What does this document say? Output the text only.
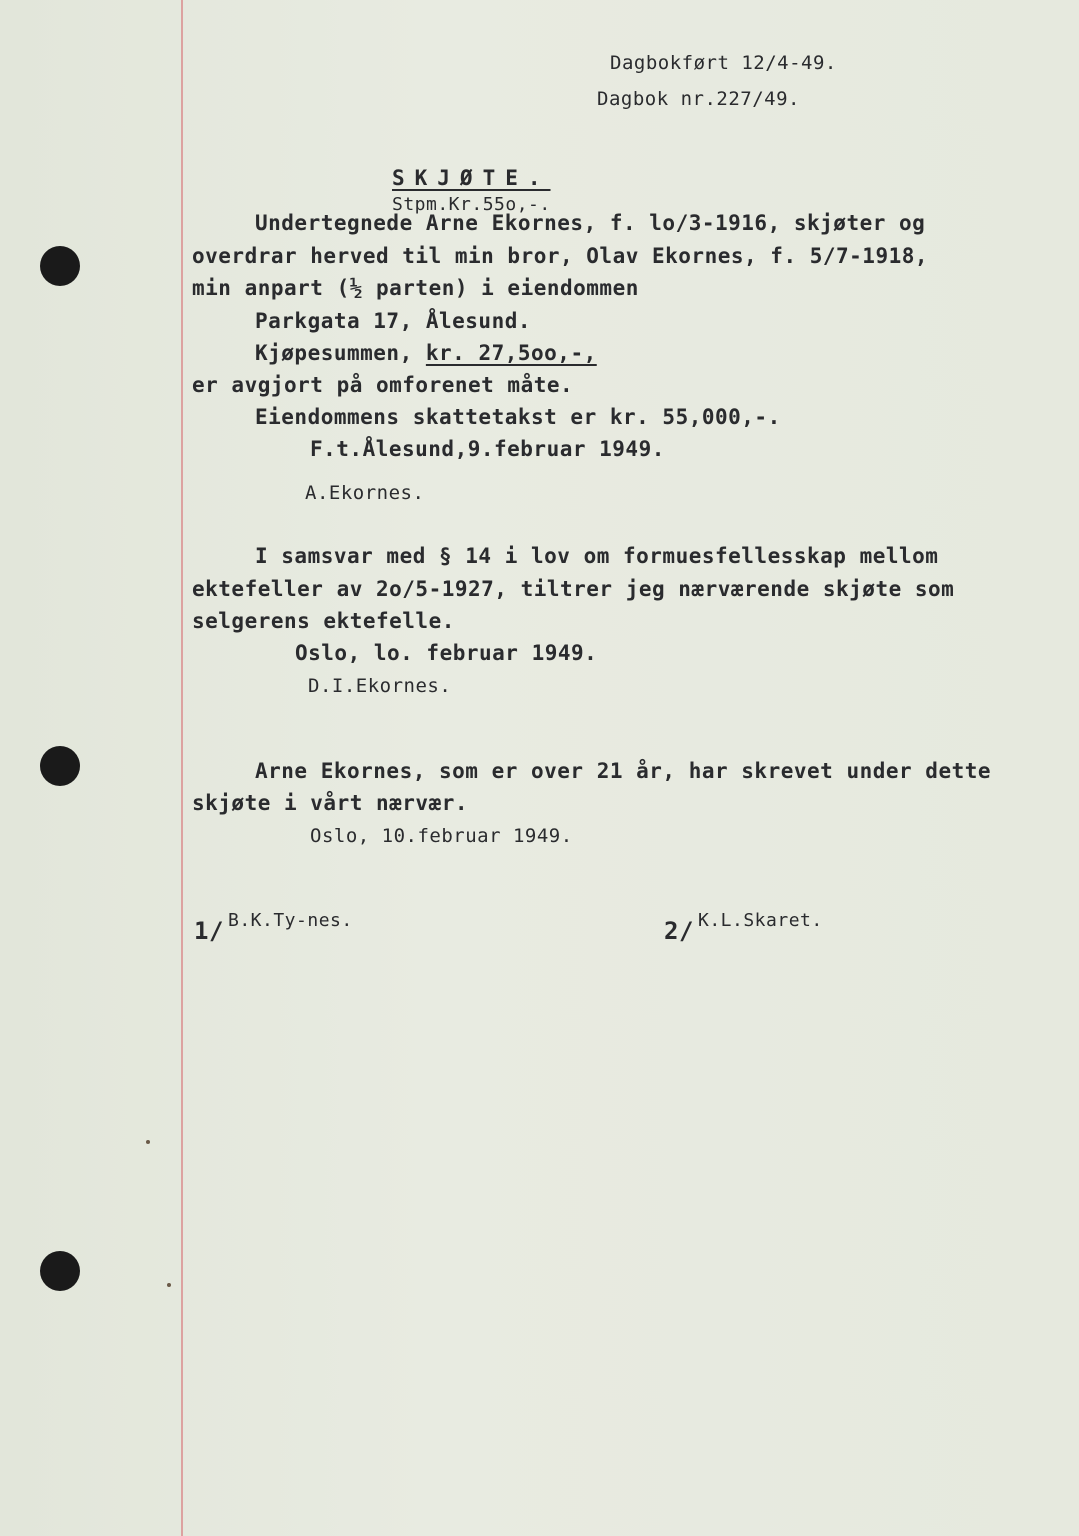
Dagbokført 12/4-49.
Dagbok nr.227/49.
SKJØTE.
Stpm.Kr.55o,-.
Undertegnede Arne Ekornes, f. lo/3-1916, skjøter og
overdrar herved til min bror, Olav Ekornes, f. 5/7-1918,
min anpart (½ parten) i eiendommen
Parkgata 17, Ålesund.
Kjøpesummen, kr. 27,5oo,-,
er avgjort på omforenet måte.
Eiendommens skattetakst er kr. 55,000,-.
F.t.Ålesund,9.februar 1949.
A.Ekornes.
I samsvar med § 14 i lov om formuesfellesskap mellom
ektefeller av 2o/5-1927, tiltrer jeg nærværende skjøte som
selgerens ektefelle.
Oslo, lo. februar 1949.
D.I.Ekornes.
Arne Ekornes, som er over 21 år, har skrevet under dette
skjøte i vårt nærvær.
Oslo, 10.februar 1949.
1/ B.K.Ty-nes.	2/ K.L.Skaret.
